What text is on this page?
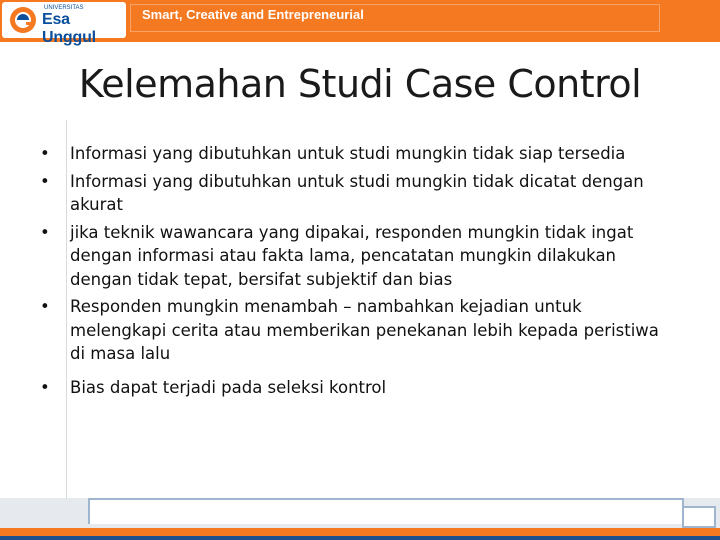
Smart, Creative and Entrepreneurial
UNIVERSITAS
Esa Unggul
Kelemahan Studi Case Control
• Informasi yang dibutuhkan untuk studi mungkin tidak siap tersedia
• Informasi yang dibutuhkan untuk studi mungkin tidak dicatat dengan akurat
• jika teknik wawancara yang dipakai, responden mungkin tidak ingat dengan informasi atau fakta lama, pencatatan mungkin dilakukan dengan tidak tepat, bersifat subjektif dan bias
• Responden mungkin menambah – nambahkan kejadian untuk melengkapi cerita atau memberikan penekanan lebih kepada peristiwa di masa lalu
• Bias dapat terjadi pada seleksi kontrol
